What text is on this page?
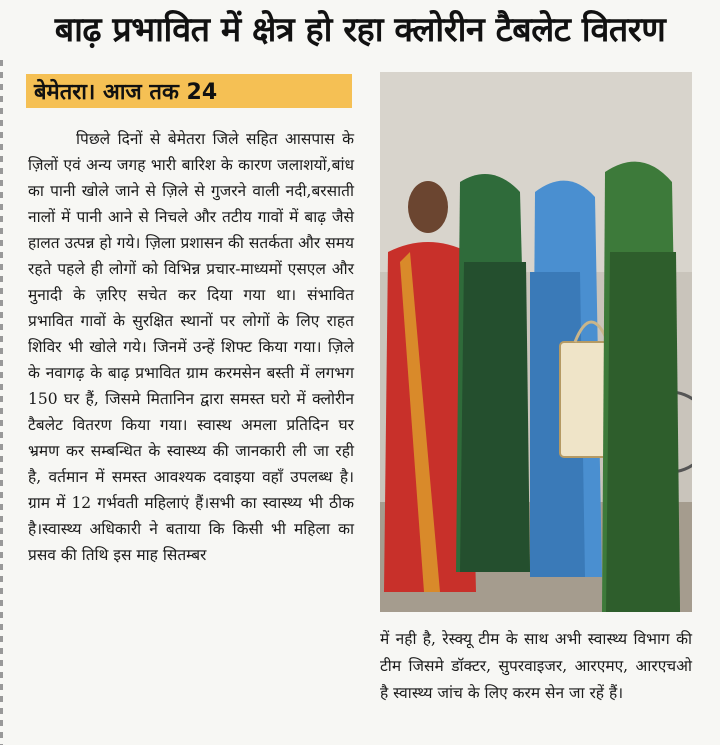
बाढ़ प्रभावित में क्षेत्र हो रहा क्लोरीन टैबलेट वितरण
बेमेतरा। आज तक 24
पिछले दिनों से बेमेतरा जिले सहित आसपास के ज़िलों एवं अन्य जगह भारी बारिश के कारण जलाशयों,बांध का पानी खोले जाने से ज़िले से गुजरने वाली नदी,बरसाती नालों में पानी आने से निचले और तटीय गावों में बाढ़ जैसे हालत उत्पन्न हो गये। ज़िला प्रशासन की सतर्कता और समय रहते पहले ही लोगों को विभिन्न प्रचार-माध्यमों एसएल और मुनादी के ज़रिए सचेत कर दिया गया था। संभावित प्रभावित गावों के सुरक्षित स्थानों पर लोगों के लिए राहत शिविर भी खोले गये। जिनमें उन्हें शिफ्ट किया गया। ज़िले के नवागढ़ के बाढ़ प्रभावित ग्राम करमसेन बस्ती में लगभग 150 घर हैं, जिसमे मितानिन द्वारा समस्त घरो में क्लोरीन टैबलेट वितरण किया गया। स्वास्थ अमला प्रतिदिन घर भ्रमण कर सम्बन्धित के स्वास्थ्य की जानकारी ली जा रही है, वर्तमान में समस्त आवश्यक दवाइया वहाँ उपलब्ध है।ग्राम में 12 गर्भवती महिलाएं हैं।सभी का स्वास्थ्य भी ठीक है।स्वास्थ्य अधिकारी ने बताया कि किसी भी महिला का प्रसव की तिथि इस माह सितम्बर
में नही है, रेस्क्यू टीम के साथ अभी स्वास्थ्य विभाग की टीम जिसमे डॉक्टर, सुपरवाइजर, आरएमए, आरएचओ है स्वास्थ्य जांच के लिए करम सेन जा रहें हैं।
